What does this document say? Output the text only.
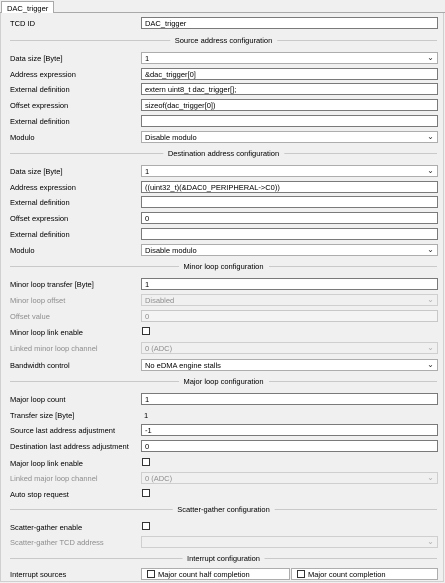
DAC_trigger
TCD ID	DAC_trigger
Source address configuration
Data size [Byte]	1	⌄
Address expression	&dac_trigger[0]
External definition	extern uint8_t dac_trigger[];
Offset expression	sizeof(dac_trigger[0])
External definition
Modulo	Disable modulo	⌄
Destination address configuration
Data size [Byte]	1	⌄
Address expression	((uint32_t)(&DAC0_PERIPHERAL->C0))
External definition
Offset expression	0
External definition
Modulo	Disable modulo	⌄
Minor loop configuration
Minor loop transfer [Byte]	1
Minor loop offset	Disabled	⌄
Offset value	0
Minor loop link enable
Linked minor loop channel	0 (ADC)	⌄
Bandwidth control	No eDMA engine stalls	⌄
Major loop configuration
Major loop count	1
Transfer size [Byte]	1
Source last address adjustment	-1
Destination last address adjustment	0
Major loop link enable
Linked major loop channel	0 (ADC)	⌄
Auto stop request
Scatter-gather configuration
Scatter-gather enable
Scatter-gather TCD address	⌄
Interrupt configuration
Interrupt sources	Major count half completion	Major count completion
